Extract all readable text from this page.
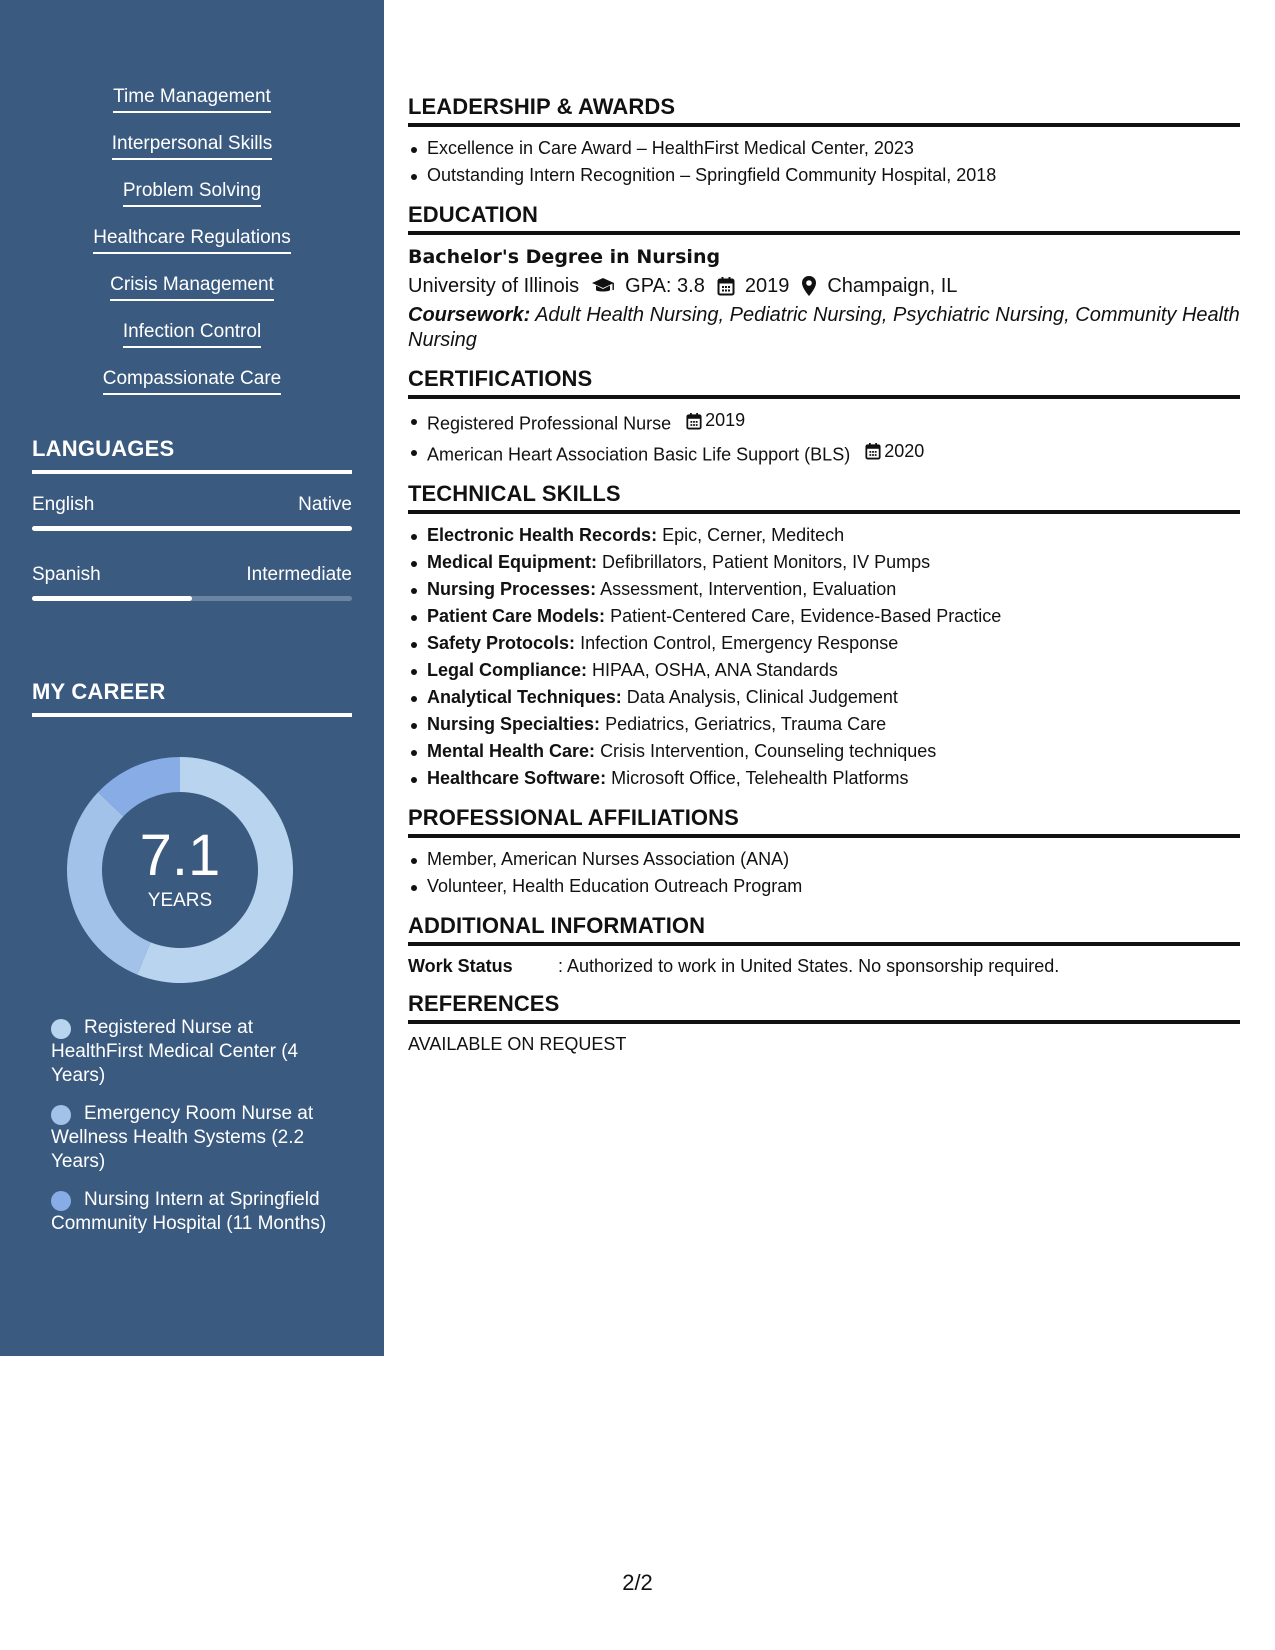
Time Management
Interpersonal Skills
Problem Solving
Healthcare Regulations
Crisis Management
Infection Control
Compassionate Care
LANGUAGES
English	Native
Spanish	Intermediate
MY CAREER
7.1
YEARS
Registered Nurse at HealthFirst Medical Center (4 Years)
Emergency Room Nurse at Wellness Health Systems (2.2 Years)
Nursing Intern at Springfield Community Hospital (11 Months)
LEADERSHIP & AWARDS
Excellence in Care Award – HealthFirst Medical Center, 2023
Outstanding Intern Recognition – Springfield Community Hospital, 2018
EDUCATION
Bachelor's Degree in Nursing
University of Illinois GPA: 3.8 2019 Champaign, IL
Coursework: Adult Health Nursing, Pediatric Nursing, Psychiatric Nursing, Community Health Nursing
CERTIFICATIONS
Registered Professional Nurse 2019
American Heart Association Basic Life Support (BLS) 2020
TECHNICAL SKILLS
Electronic Health Records: Epic, Cerner, Meditech
Medical Equipment: Defibrillators, Patient Monitors, IV Pumps
Nursing Processes: Assessment, Intervention, Evaluation
Patient Care Models: Patient-Centered Care, Evidence-Based Practice
Safety Protocols: Infection Control, Emergency Response
Legal Compliance: HIPAA, OSHA, ANA Standards
Analytical Techniques: Data Analysis, Clinical Judgement
Nursing Specialties: Pediatrics, Geriatrics, Trauma Care
Mental Health Care: Crisis Intervention, Counseling techniques
Healthcare Software: Microsoft Office, Telehealth Platforms
PROFESSIONAL AFFILIATIONS
Member, American Nurses Association (ANA)
Volunteer, Health Education Outreach Program
ADDITIONAL INFORMATION
Work Status	: Authorized to work in United States. No sponsorship required.
REFERENCES
AVAILABLE ON REQUEST
2/2
